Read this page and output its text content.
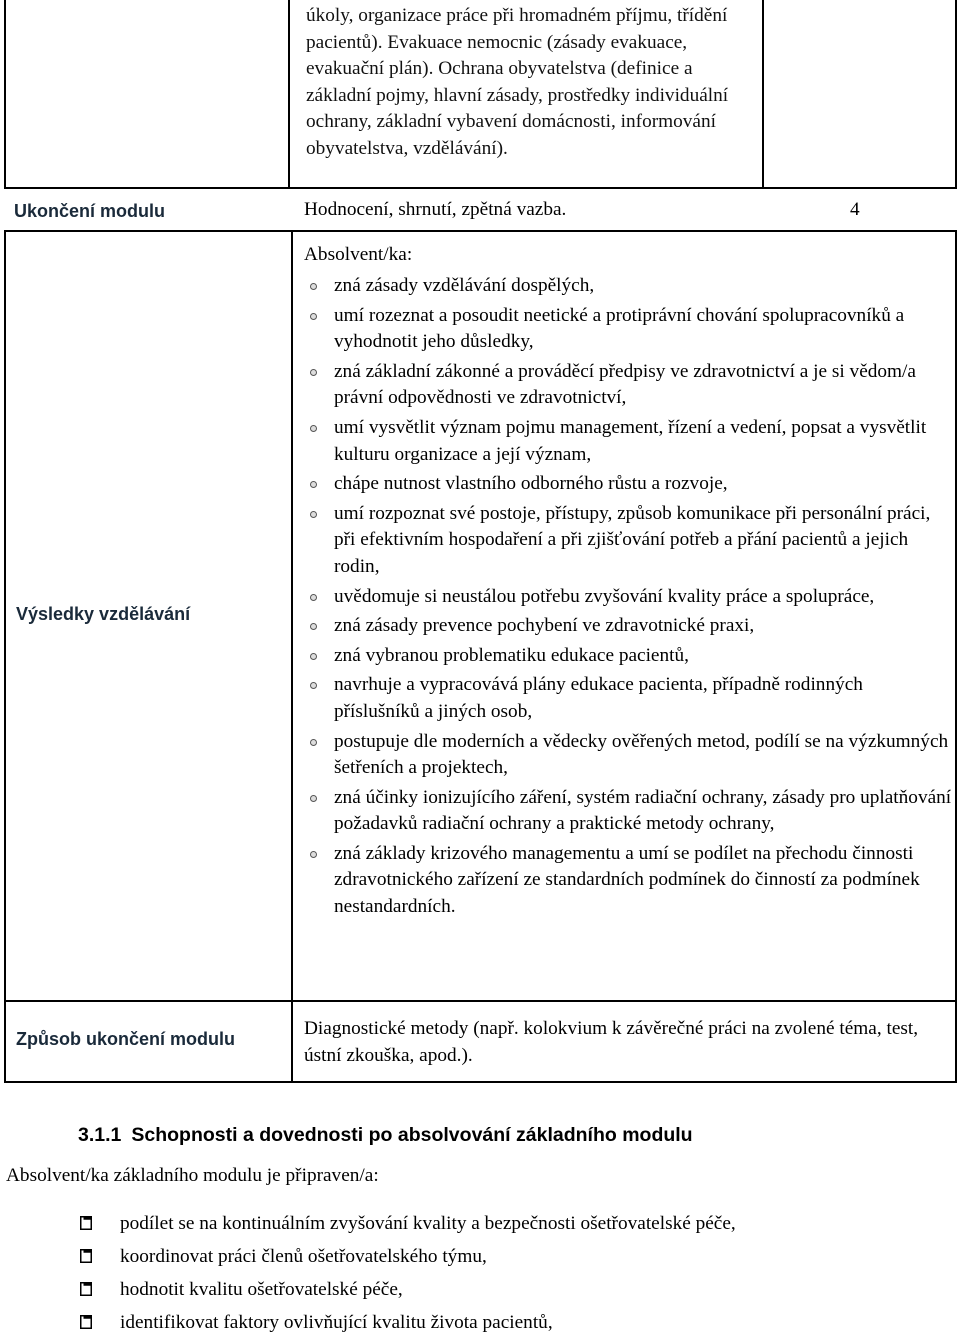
úkoly, organizace práce při hromadném příjmu, třídění pacientů). Evakuace nemocnic (zásady evakuace, evakuační plán). Ochrana obyvatelstva (definice a základní pojmy, hlavní zásady, prostředky individuální ochrany, základní vybavení domácnosti, informování obyvatelstva, vzdělávání).
Ukončení modulu	Hodnocení, shrnutí, zpětná vazba.	4
Výsledky vzdělávání
Způsob ukončení modulu
Absolvent/ka:
zná zásady vzdělávání dospělých,
umí rozeznat a posoudit neetické a protiprávní chování spolupracovníků a vyhodnotit jeho důsledky,
zná základní zákonné a prováděcí předpisy ve zdravotnictví a je si vědom/a právní odpovědnosti ve zdravotnictví,
umí vysvětlit význam pojmu management, řízení a vedení, popsat a vysvětlit kulturu organizace a její význam,
chápe nutnost vlastního odborného růstu a rozvoje,
umí rozpoznat své postoje, přístupy, způsob komunikace při personální práci, při efektivním hospodaření a při zjišťování potřeb a přání pacientů a jejich rodin,
uvědomuje si neustálou potřebu zvyšování kvality práce a spolupráce,
zná zásady prevence pochybení ve zdravotnické praxi,
zná vybranou problematiku edukace pacientů,
navrhuje a vypracovává plány edukace pacienta, případně rodinných příslušníků a jiných osob,
postupuje dle moderních a vědecky ověřených metod, podílí se na výzkumných šetřeních a projektech,
zná účinky ionizujícího záření, systém radiační ochrany, zásady pro uplatňování požadavků radiační ochrany a praktické metody ochrany,
zná základy krizového managementu a umí se podílet na přechodu činnosti zdravotnického zařízení ze standardních podmínek do činností za podmínek nestandardních.
Diagnostické metody (např. kolokvium k závěrečné práci na zvolené téma, test, ústní zkouška, apod.).
3.1.1 Schopnosti a dovednosti po absolvování základního modulu
Absolvent/ka základního modulu je připraven/a:
podílet se na kontinuálním zvyšování kvality a bezpečnosti ošetřovatelské péče,
koordinovat práci členů ošetřovatelského týmu,
hodnotit kvalitu ošetřovatelské péče,
identifikovat faktory ovlivňující kvalitu života pacientů,
